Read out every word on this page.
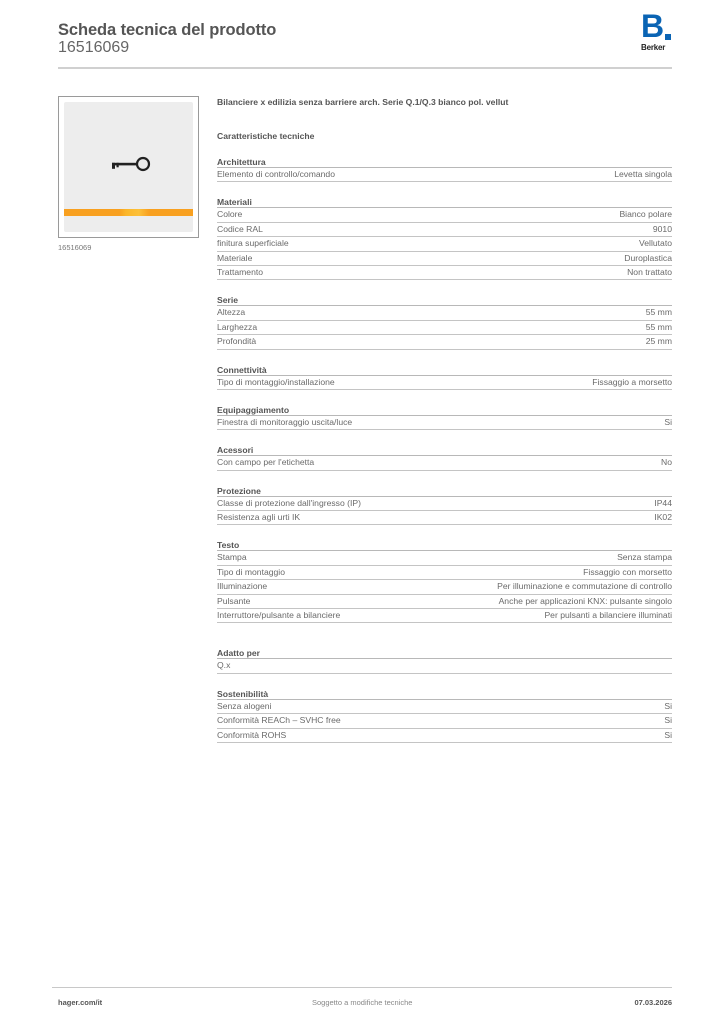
Scheda tecnica del prodotto
16516069
B
Berker
16516069
Bilanciere x edilizia senza barriere arch. Serie Q.1/Q.3 bianco pol. vellut
Caratteristiche tecniche
Architettura
Elemento di controllo/comando	Levetta singola
Materiali
Colore	Bianco polare
Codice RAL	9010
finitura superficiale	Vellutato
Materiale	Duroplastica
Trattamento	Non trattato
Serie
Altezza	55 mm
Larghezza	55 mm
Profondità	25 mm
Connettività
Tipo di montaggio/installazione	Fissaggio a morsetto
Equipaggiamento
Finestra di monitoraggio uscita/luce	Si
Acessori
Con campo per l'etichetta	No
Protezione
Classe di protezione dall'ingresso (IP)	IP44
Resistenza agli urti IK	IK02
Testo
Stampa	Senza stampa
Tipo di montaggio	Fissaggio con morsetto
Illuminazione	Per illuminazione e commutazione di controllo
Pulsante	Anche per applicazioni KNX: pulsante singolo
Interruttore/pulsante a bilanciere	Per pulsanti a bilanciere illuminati
Adatto per
Q.x
Sostenibilità
Senza alogeni	Si
Conformità REACh – SVHC free	Si
Conformità ROHS	Si
hager.com/it	Soggetto a modifiche tecniche	07.03.2026
